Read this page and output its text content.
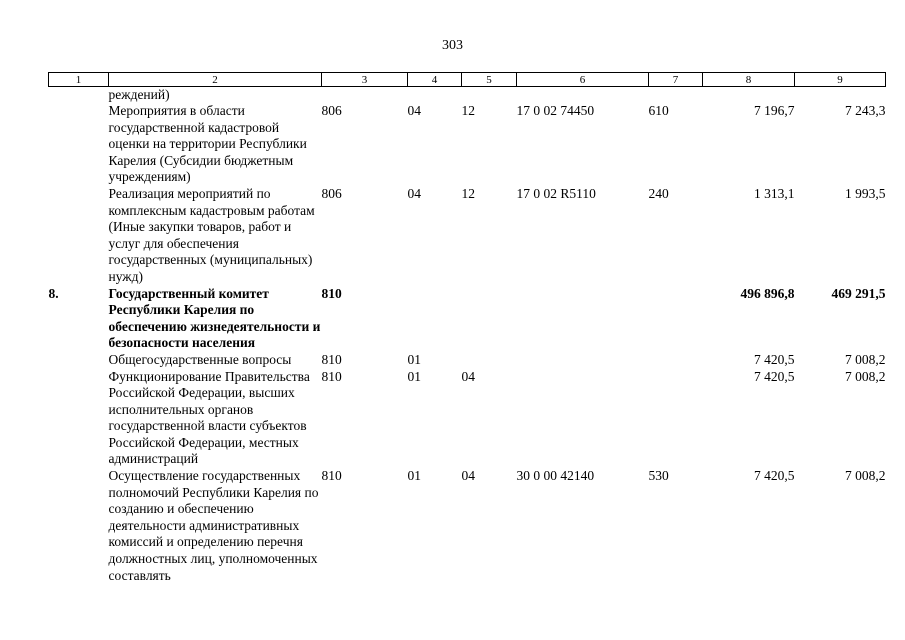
303
1	2	3	4	5	6	7	8	9
	реждений)							
	Мероприятия в области государственной кадастровой оценки на территории Республики Карелия (Субсидии бюджетным учреждениям)	806	04	12	17 0 02 74450	610	7 196,7	7 243,3
	Реализация мероприятий по комплексным кадастровым работам (Иные закупки товаров, работ и услуг для обеспечения государственных (муниципальных) нужд)	806	04	12	17 0 02 R5110	240	1 313,1	1 993,5
8.	Государственный комитет Республики Карелия по обеспечению жизнедеятельности и безопасности населения	810					496 896,8	469 291,5
	Общегосударственные вопросы	810	01				7 420,5	7 008,2
	Функционирование Правительства Российской Федерации, высших исполнительных органов государственной власти субъектов Российской Федерации, местных администраций	810	01	04			7 420,5	7 008,2
	Осуществление государственных полномочий Республики Карелия по созданию и обеспечению деятельности административных комиссий и определению перечня должностных лиц, уполномоченных составлять	810	01	04	30 0 00 42140	530	7 420,5	7 008,2
